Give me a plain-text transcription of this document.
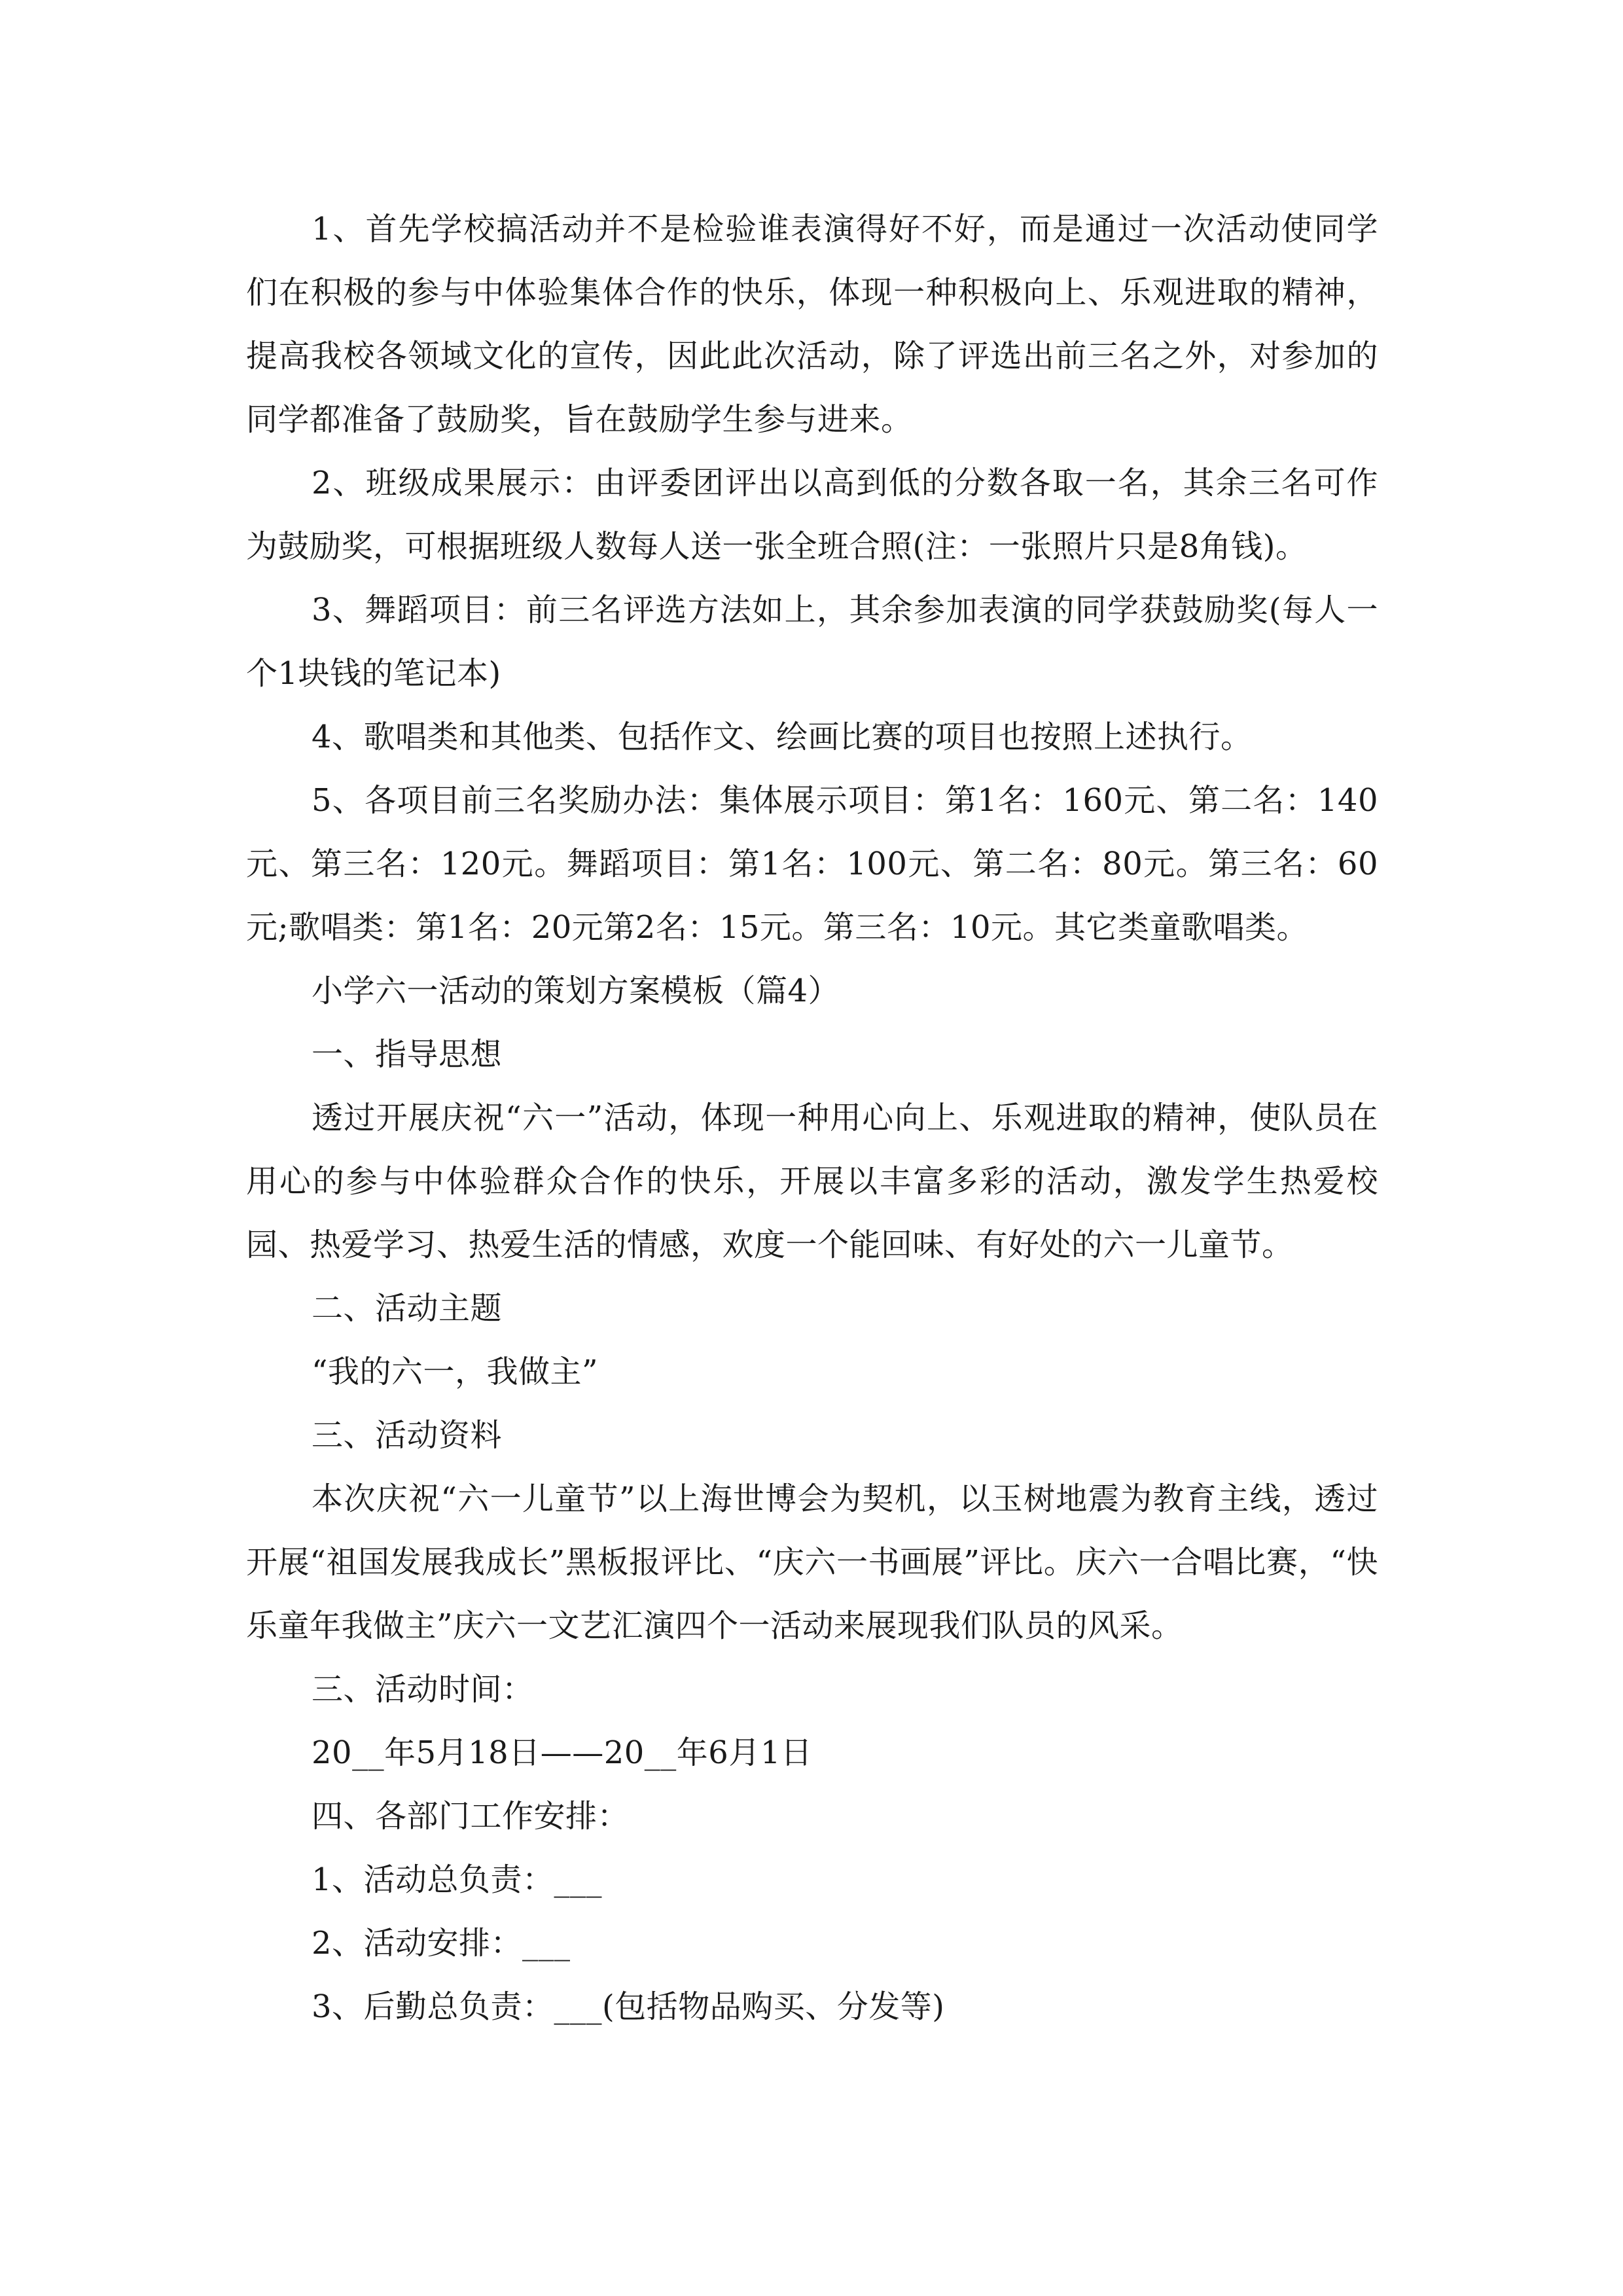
1、首先学校搞活动并不是检验谁表演得好不好，而是通过一次活动使同学们在积极的参与中体验集体合作的快乐，体现一种积极向上、乐观进取的精神，提高我校各领域文化的宣传，因此此次活动，除了评选出前三名之外，对参加的同学都准备了鼓励奖，旨在鼓励学生参与进来。

2、班级成果展示：由评委团评出以高到低的分数各取一名，其余三名可作为鼓励奖，可根据班级人数每人送一张全班合照(注：一张照片只是8角钱)。

3、舞蹈项目：前三名评选方法如上，其余参加表演的同学获鼓励奖(每人一个1块钱的笔记本)

4、歌唱类和其他类、包括作文、绘画比赛的项目也按照上述执行。

5、各项目前三名奖励办法：集体展示项目：第1名：160元、第二名：140元、第三名：120元。舞蹈项目：第1名：100元、第二名：80元。第三名：60元;歌唱类：第1名：20元第2名：15元。第三名：10元。其它类童歌唱类。

小学六一活动的策划方案模板（篇4）

一、指导思想

透过开展庆祝“六一”活动，体现一种用心向上、乐观进取的精神，使队员在用心的参与中体验群众合作的快乐，开展以丰富多彩的活动，激发学生热爱校园、热爱学习、热爱生活的情感，欢度一个能回味、有好处的六一儿童节。

二、活动主题

“我的六一，我做主”

三、活动资料

本次庆祝“六一儿童节”以上海世博会为契机，以玉树地震为教育主线，透过开展“祖国发展我成长”黑板报评比、“庆六一书画展”评比。庆六一合唱比赛，“快乐童年我做主”庆六一文艺汇演四个一活动来展现我们队员的风采。

三、活动时间：

20__年5月18日——20__年6月1日

四、各部门工作安排：

1、活动总负责：___

2、活动安排：___

3、后勤总负责：___(包括物品购买、分发等)
